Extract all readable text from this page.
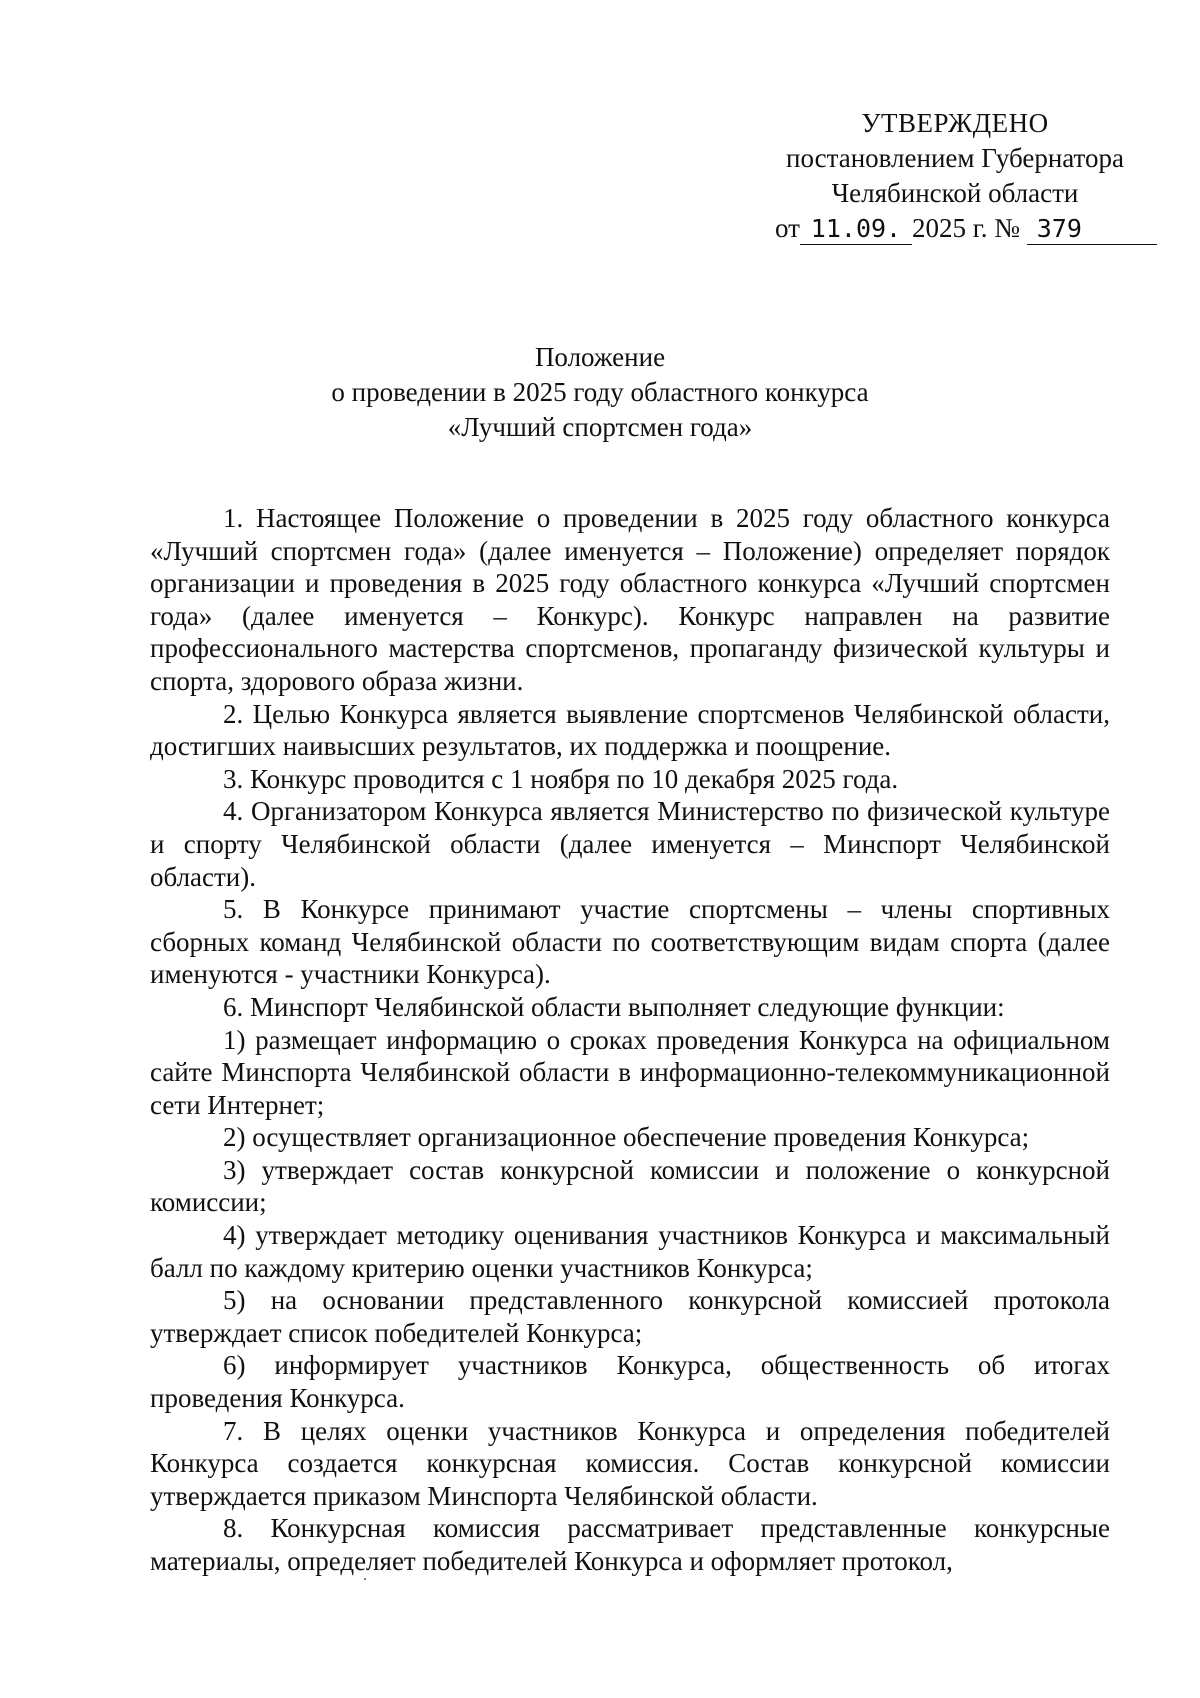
УТВЕРЖДЕНО
постановлением Губернатора
Челябинской области
от 11.09. 2025 г. № 379
Положение
о проведении в 2025 году областного конкурса
«Лучший спортсмен года»

1. Настоящее Положение о проведении в 2025 году областного конкурса «Лучший спортсмен года» (далее именуется – Положение) определяет порядок организации и проведения в 2025 году областного конкурса «Лучший спортсмен года» (далее именуется – Конкурс). Конкурс направлен на развитие профессионального мастерства спортсменов, пропаганду физической культуры и спорта, здорового образа жизни.

2. Целью Конкурса является выявление спортсменов Челябинской области, достигших наивысших результатов, их поддержка и поощрение.

3. Конкурс проводится с 1 ноября по 10 декабря 2025 года.

4. Организатором Конкурса является Министерство по физической культуре и спорту Челябинской области (далее именуется – Минспорт Челябинской области).

5. В Конкурсе принимают участие спортсмены – члены спортивных сборных команд Челябинской области по соответствующим видам спорта (далее именуются - участники Конкурса).

6. Минспорт Челябинской области выполняет следующие функции:

1) размещает информацию о сроках проведения Конкурса на официальном сайте Минспорта Челябинской области в информационно-телекоммуникационной сети Интернет;

2) осуществляет организационное обеспечение проведения Конкурса;

3) утверждает состав конкурсной комиссии и положение о конкурсной комиссии;

4) утверждает методику оценивания участников Конкурса и максимальный балл по каждому критерию оценки участников Конкурса;

5) на основании представленного конкурсной комиссией протокола утверждает список победителей Конкурса;

6) информирует участников Конкурса, общественность об итогах проведения Конкурса.

7. В целях оценки участников Конкурса и определения победителей Конкурса создается конкурсная комиссия. Состав конкурсной комиссии утверждается приказом Минспорта Челябинской области.

8. Конкурсная комиссия рассматривает представленные конкурсные материалы, определяет победителей Конкурса и оформляет протокол,
